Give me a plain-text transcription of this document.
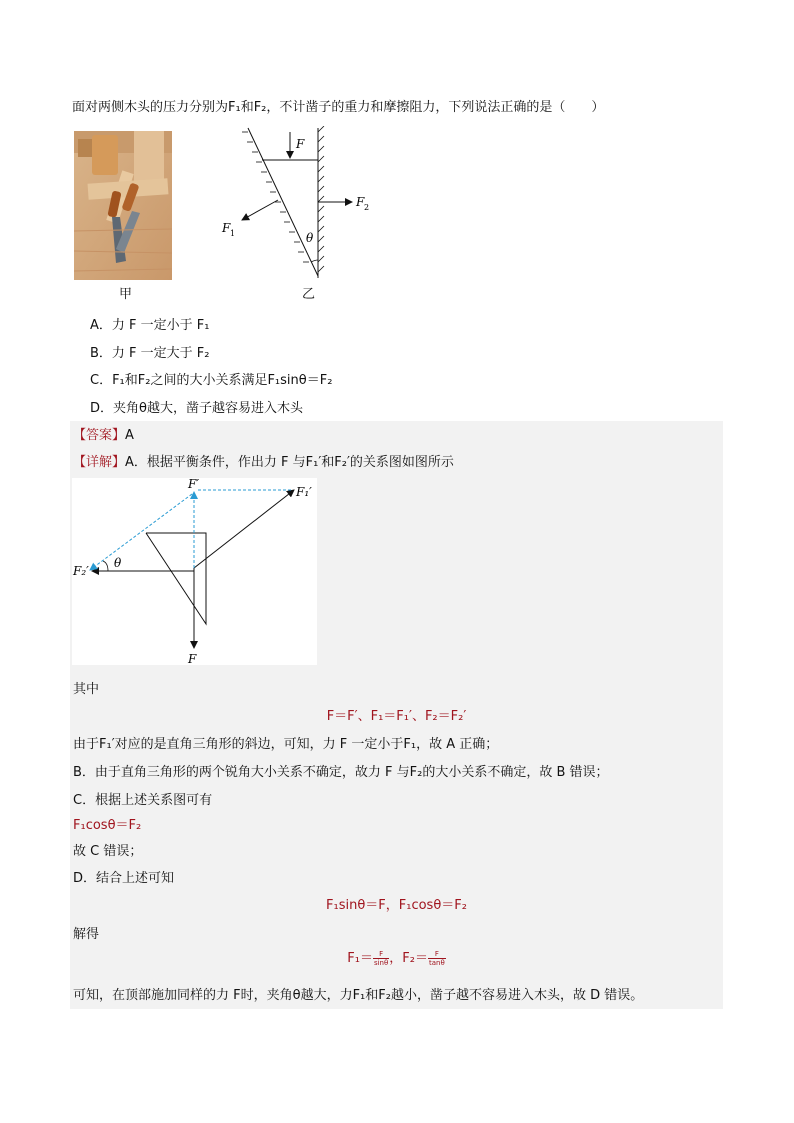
面对两侧木头的压力分别为F₁和F₂，不计凿子的重力和摩擦阻力，下列说法正确的是（　　）
甲
F
F 2
F 1	θ
乙
A．力 F 一定小于 F₁
B．力 F 一定大于 F₂
C．F₁和F₂之间的大小关系满足F₁sinθ＝F₂
D．夹角θ越大，凿子越容易进入木头
【答案】A
【详解】A．根据平衡条件，作出力 F 与F₁′和F₂′的关系图如图所示
θ
F′
F₁′
F₂′
F
其中
F＝F′、F₁＝F₁′、F₂＝F₂′
由于F₁′对应的是直角三角形的斜边，可知，力 F 一定小于F₁，故 A 正确；
B．由于直角三角形的两个锐角大小关系不确定，故力 F 与F₂的大小关系不确定，故 B 错误；
C．根据上述关系图可有
F₁cosθ＝F₂
故 C 错误；
D．结合上述可知
F₁sinθ＝F，F₁cosθ＝F₂
解得
$F_1= \frac{F}{\sin\theta}$ ，$F_2= \frac{F}{\tan\theta}$
可知，在顶部施加同样的力 F时，夹角θ越大，力F₁和F₂越小，凿子越不容易进入木头，故 D 错误。
